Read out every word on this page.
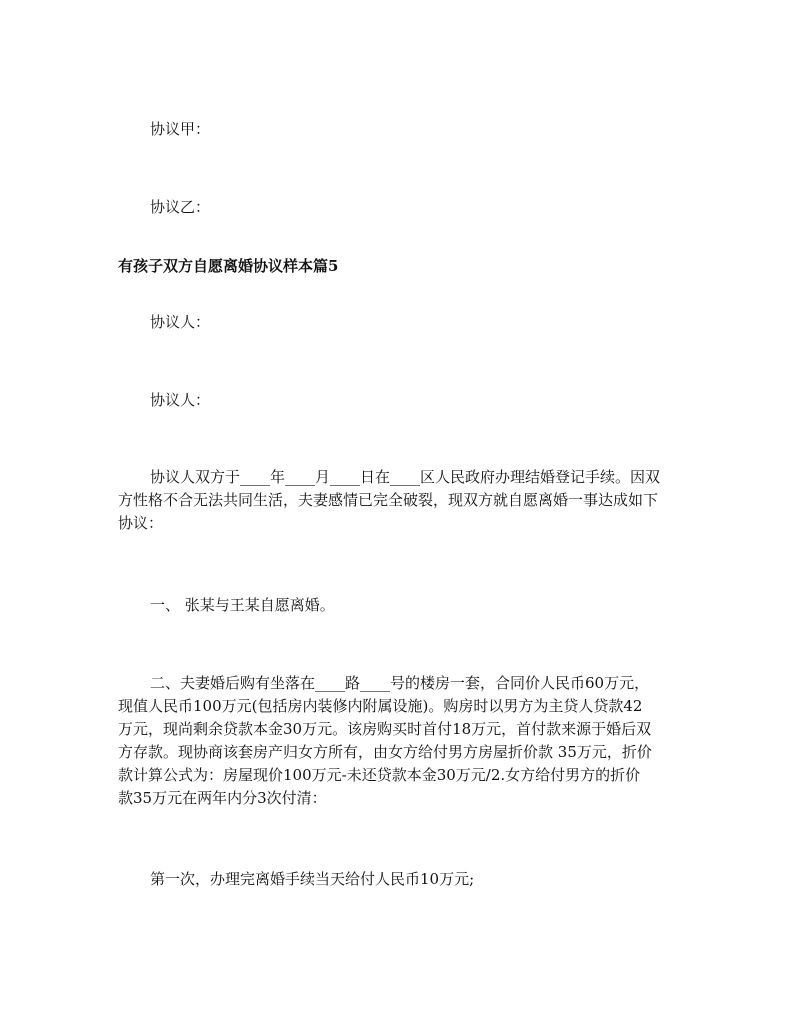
协议甲：
协议乙：
有孩子双方自愿离婚协议样本篇5
协议人：
协议人：
协议人双方于____年____月____日在____区人民政府办理结婚登记手续。因双
方性格不合无法共同生活，夫妻感情已完全破裂，现双方就自愿离婚一事达成如下
协议：
一、 张某与王某自愿离婚。
二、夫妻婚后购有坐落在____路____号的楼房一套，合同价人民币60万元，
现值人民币100万元(包括房内装修内附属设施)。购房时以男方为主贷人贷款42
万元，现尚剩余贷款本金30万元。该房购买时首付18万元，首付款来源于婚后双
方存款。现协商该套房产归女方所有，由女方给付男方房屋折价款 35万元，折价
款计算公式为：房屋现价100万元-未还贷款本金30万元/2.女方给付男方的折价
款35万元在两年内分3次付清：
第一次，办理完离婚手续当天给付人民币10万元;
